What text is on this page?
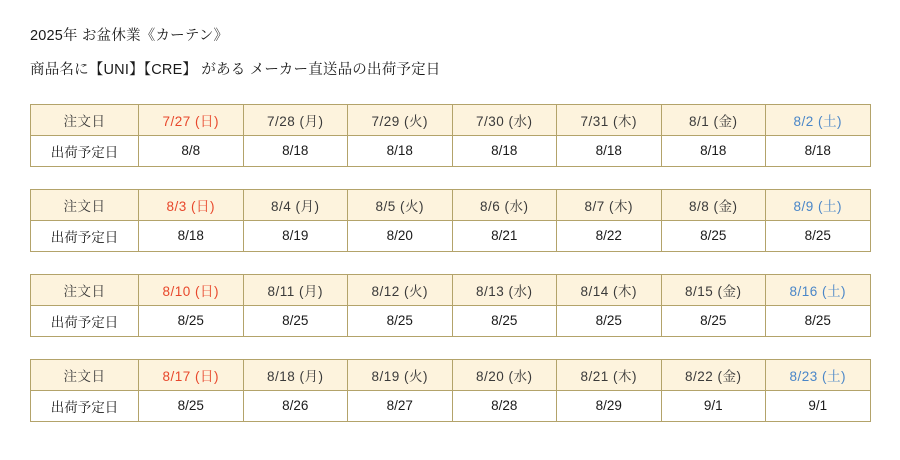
2025年 お盆休業《カーテン》

商品名に【UNI】【CRE】 がある メーカー直送品の出荷予定日

注文日	7/27 (日)	7/28 (月)	7/29 (火)	7/30 (水)	7/31 (木)	8/1 (金)	8/2 (土)
出荷予定日	8/8	8/18	8/18	8/18	8/18	8/18	8/18
注文日	8/3 (日)	8/4 (月)	8/5 (火)	8/6 (水)	8/7 (木)	8/8 (金)	8/9 (土)
出荷予定日	8/18	8/19	8/20	8/21	8/22	8/25	8/25
注文日	8/10 (日)	8/11 (月)	8/12 (火)	8/13 (水)	8/14 (木)	8/15 (金)	8/16 (土)
出荷予定日	8/25	8/25	8/25	8/25	8/25	8/25	8/25
注文日	8/17 (日)	8/18 (月)	8/19 (火)	8/20 (水)	8/21 (木)	8/22 (金)	8/23 (土)
出荷予定日	8/25	8/26	8/27	8/28	8/29	9/1	9/1
